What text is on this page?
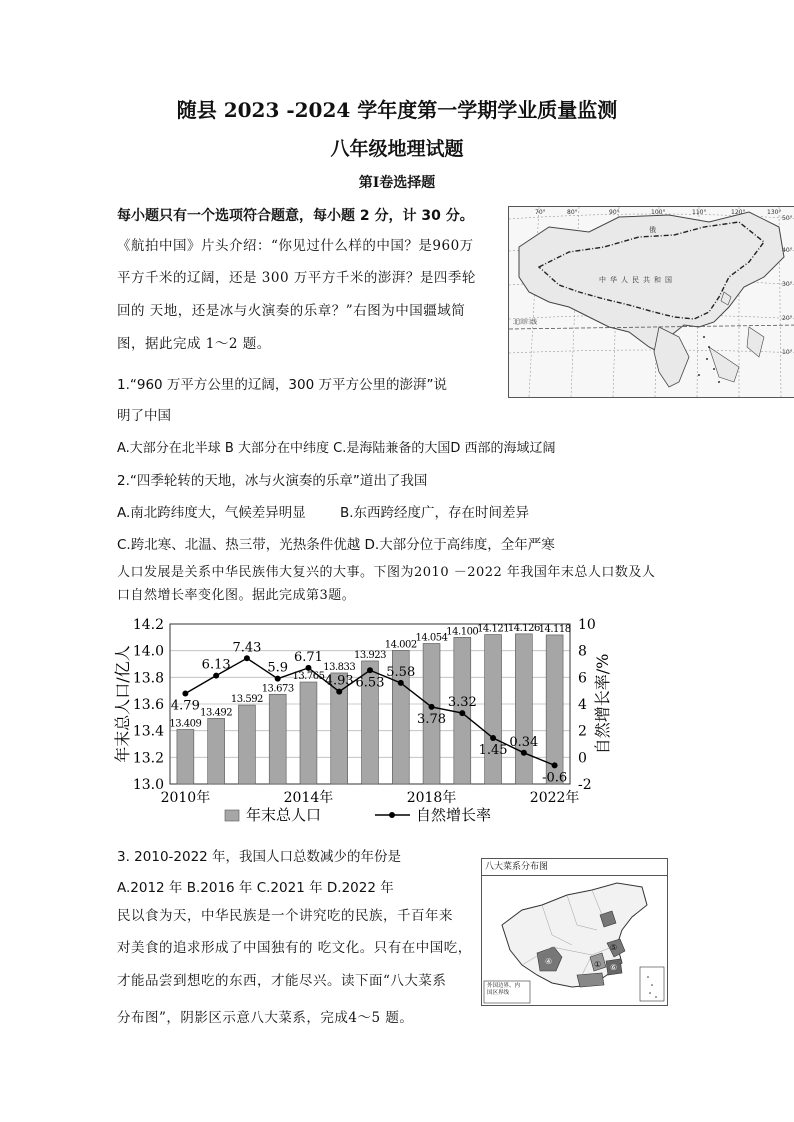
随县 2023 -2024 学年度第一学期学业质量监测
八年级地理试题
第Ⅰ卷选择题
每小题只有一个选项符合题意，每小题 2 分，计 30 分。
《航拍中国》片头介绍：“你见过什么样的中国？是960万
平方千米的辽阔，还是 300 万平方千米的澎湃？是四季轮
回的 天地，还是冰与火演奏的乐章？”右图为中国疆域简
图，据此完成 1～2 题。
70°	80°	90°	100°	110°	120°	130°
50°
40°
30°
20°
10°
中华人民共和国
俄
北回归线
1.“960 万平方公里的辽阔，300 万平方公里的澎湃”说
明了中国
A.大部分在北半球 B 大部分在中纬度 C.是海陆兼备的大国D 西部的海域辽阔
2.“四季轮转的天地，冰与火演奏的乐章”道出了我国
A.南北跨纬度大，气候差异明显	B.东西跨经度广，存在时间差异
C.跨北寒、北温、热三带，光热条件优越 D.大部分位于高纬度，全年严寒
人口发展是关系中华民族伟大复兴的大事。下图为2010 －2022 年我国年末总人口数及人
口自然增长率变化图。据此完成第3题。
13.0
13.2
13.4
13.6
13.8
14.0
14.2
-2
0
2
4
6
8
10
13.409
13.492
13.592
13.673
13.765
13.833
13.923
14.002
14.054
14.100
14.121
14.126
14.118
4.79
6.13
7.43
5.9
6.71
4.93 6.53
5.58
3.78
3.32
1.45
0.34
-0.6
2010年	2014年	2018年	2022年
年末总人口/亿人	自然增长率/%
年末总人口	自然增长率
3. 2010-2022 年，我国人口总数减少的年份是
A.2012 年 B.2016 年 C.2021 年 D.2022 年
民以食为天，中华民族是一个讲究吃的民族，千百年来
对美食的追求形成了中国独有的 吃文化。只有在中国吃，
才能品尝到想吃的东西，才能尽兴。读下面“八大菜系
分布图”，阴影区示意八大菜系，完成4～5 题。
八大菜系分布图
④	①
⑤
⑥
外国边界、内
国区界线
